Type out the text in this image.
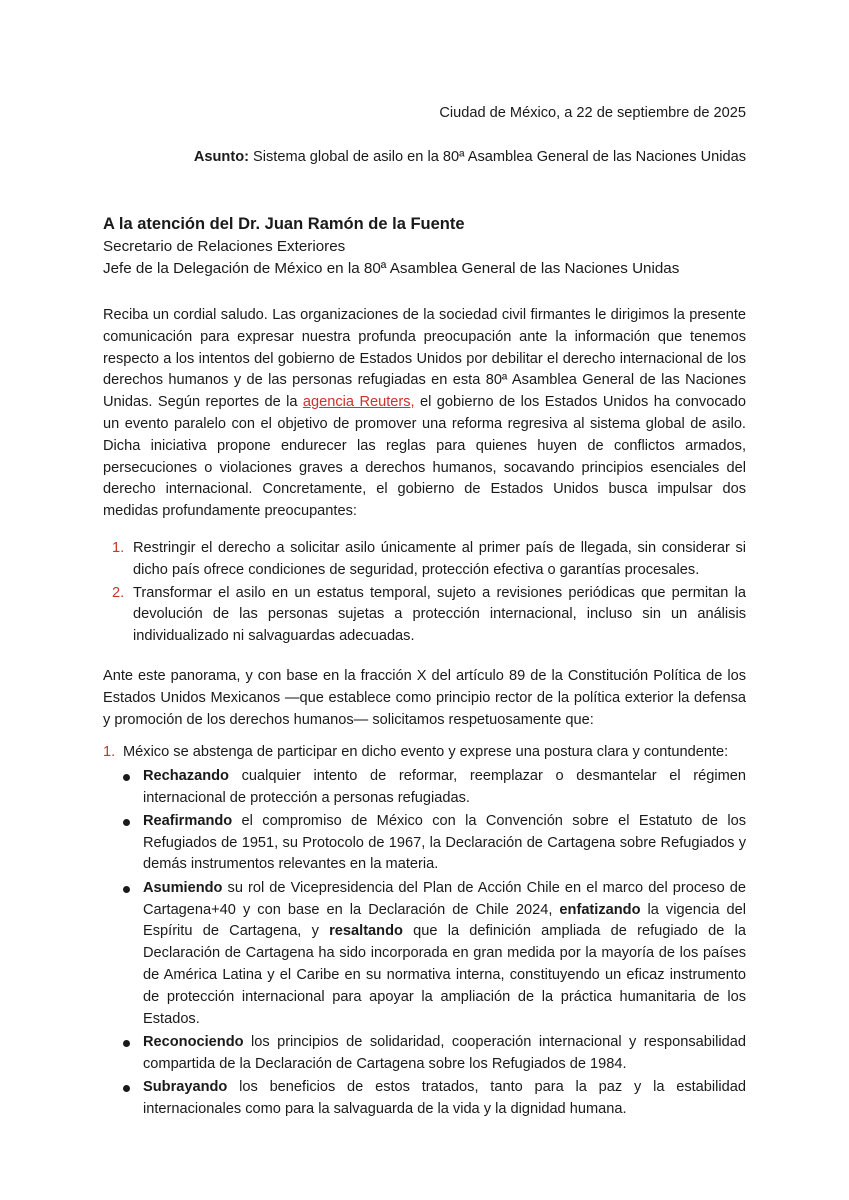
Ciudad de México, a 22 de septiembre de 2025
Asunto: Sistema global de asilo en la 80ª Asamblea General de las Naciones Unidas
A la atención del Dr. Juan Ramón de la Fuente
Secretario de Relaciones Exteriores
Jefe de la Delegación de México en la 80ª Asamblea General de las Naciones Unidas
Reciba un cordial saludo. Las organizaciones de la sociedad civil firmantes le dirigimos la presente comunicación para expresar nuestra profunda preocupación ante la información que tenemos respecto a los intentos del gobierno de Estados Unidos por debilitar el derecho internacional de los derechos humanos y de las personas refugiadas en esta 80ª Asamblea General de las Naciones Unidas. Según reportes de la agencia Reuters, el gobierno de los Estados Unidos ha convocado un evento paralelo con el objetivo de promover una reforma regresiva al sistema global de asilo. Dicha iniciativa propone endurecer las reglas para quienes huyen de conflictos armados, persecuciones o violaciones graves a derechos humanos, socavando principios esenciales del derecho internacional. Concretamente, el gobierno de Estados Unidos busca impulsar dos medidas profundamente preocupantes:
1. Restringir el derecho a solicitar asilo únicamente al primer país de llegada, sin considerar si dicho país ofrece condiciones de seguridad, protección efectiva o garantías procesales.
2. Transformar el asilo en un estatus temporal, sujeto a revisiones periódicas que permitan la devolución de las personas sujetas a protección internacional, incluso sin un análisis individualizado ni salvaguardas adecuadas.
Ante este panorama, y con base en la fracción X del artículo 89 de la Constitución Política de los Estados Unidos Mexicanos —que establece como principio rector de la política exterior la defensa y promoción de los derechos humanos— solicitamos respetuosamente que:
1. México se abstenga de participar en dicho evento y exprese una postura clara y contundente:
Rechazando cualquier intento de reformar, reemplazar o desmantelar el régimen internacional de protección a personas refugiadas.
Reafirmando el compromiso de México con la Convención sobre el Estatuto de los Refugiados de 1951, su Protocolo de 1967, la Declaración de Cartagena sobre Refugiados y demás instrumentos relevantes en la materia.
Asumiendo su rol de Vicepresidencia del Plan de Acción Chile en el marco del proceso de Cartagena+40 y con base en la Declaración de Chile 2024, enfatizando la vigencia del Espíritu de Cartagena, y resaltando que la definición ampliada de refugiado de la Declaración de Cartagena ha sido incorporada en gran medida por la mayoría de los países de América Latina y el Caribe en su normativa interna, constituyendo un eficaz instrumento de protección internacional para apoyar la ampliación de la práctica humanitaria de los Estados.
Reconociendo los principios de solidaridad, cooperación internacional y responsabilidad compartida de la Declaración de Cartagena sobre los Refugiados de 1984.
Subrayando los beneficios de estos tratados, tanto para la paz y la estabilidad internacionales como para la salvaguarda de la vida y la dignidad humana.
